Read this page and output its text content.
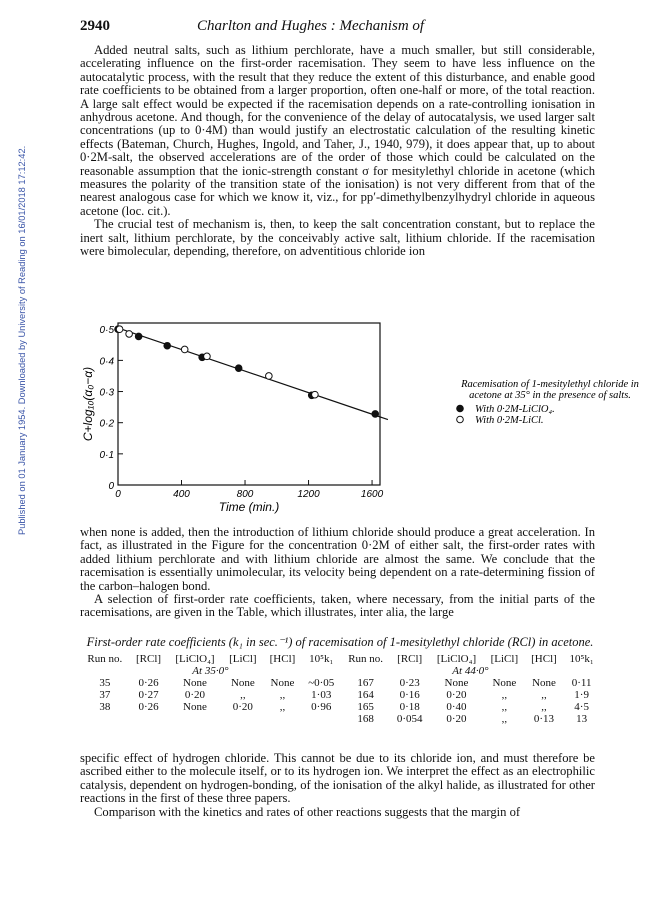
Published on 01 January 1954. Downloaded by University of Reading on 16/01/2018 17:12:42.
2940	Charlton and Hughes : Mechanism of

Added neutral salts, such as lithium perchlorate, have a much smaller, but still considerable, accelerating influence on the first-order racemisation. They seem to have less influence on the autocatalytic process, with the result that they reduce the extent of this disturbance, and enable good rate coefficients to be obtained from a larger proportion, often one-half or more, of the total reaction. A large salt effect would be expected if the racemisation depends on a rate-controlling ionisation in anhydrous acetone. And though, for the convenience of the delay of autocatalysis, we used larger salt concentrations (up to 0·4M) than would justify an electrostatic calculation of the resulting kinetic effects (Bateman, Church, Hughes, Ingold, and Taher, J., 1940, 979), it does appear that, up to about 0·2M-salt, the observed accelerations are of the order of those which could be calculated on the reasonable assumption that the ionic-strength constant σ for mesitylethyl chloride in acetone (which measures the polarity of the transition state of the ionisation) is not very different from that of the nearest analogous case for which we know it, viz., for pp′-dimethylbenzylhydryl chloride in aqueous acetone (loc. cit.).

The crucial test of mechanism is, then, to keep the salt concentration constant, but to replace the inert salt, lithium perchlorate, by the conceivably active salt, lithium chloride. If the racemisation were bimolecular, depending, therefore, on adventitious chloride ion

0	400	800	1200	1600
0
0·1
0·2
0·3
0·4
0·5
Time (min.)
C+log₁₀(α₀−α)	Racemisation of 1-mesitylethyl chloride in
acetone at 35° in the presence of salts.
With 0·2M-LiClO₄.
With 0·2M-LiCl.

when none is added, then the introduction of lithium chloride should produce a great acceleration. In fact, as illustrated in the Figure for the concentration 0·2M of either salt, the first-order rates with added lithium perchlorate and with lithium chloride are almost the same. We conclude that the racemisation is essentially unimolecular, its velocity being dependent on a rate-determining fission of the carbon–halogen bond.

A selection of first-order rate coefficients, taken, where necessary, from the initial parts of the racemisations, are given in the Table, which illustrates, inter alia, the large

First-order rate coefficients (k₁ in sec.⁻¹) of racemisation of 1-mesitylethyl chloride (RCl) in acetone.
Run no.	[RCl]	[LiClO₄]	[LiCl]	[HCl]	10⁵k₁	Run no.	[RCl]	[LiClO₄]	[LiCl]	[HCl]	10⁵k₁
At 35·0°						At 44·0°					
35	0·26	None	None	None	~0·05	167	0·23	None	None	None	0·11
37	0·27	0·20	,,	,,	1·03	164	0·16	0·20	,,	,,	1·9
38	0·26	None	0·20	,,	0·96	165	0·18	0·40	,,	,,	4·5
						168	0·054	0·20	,,	0·13	13

specific effect of hydrogen chloride. This cannot be due to its chloride ion, and must therefore be ascribed either to the molecule itself, or to its hydrogen ion. We interpret the effect as an electrophilic catalysis, dependent on hydrogen-bonding, of the ionisation of the alkyl halide, as illustrated for other reactions in the first of these three papers.

Comparison with the kinetics and rates of other reactions suggests that the margin of
